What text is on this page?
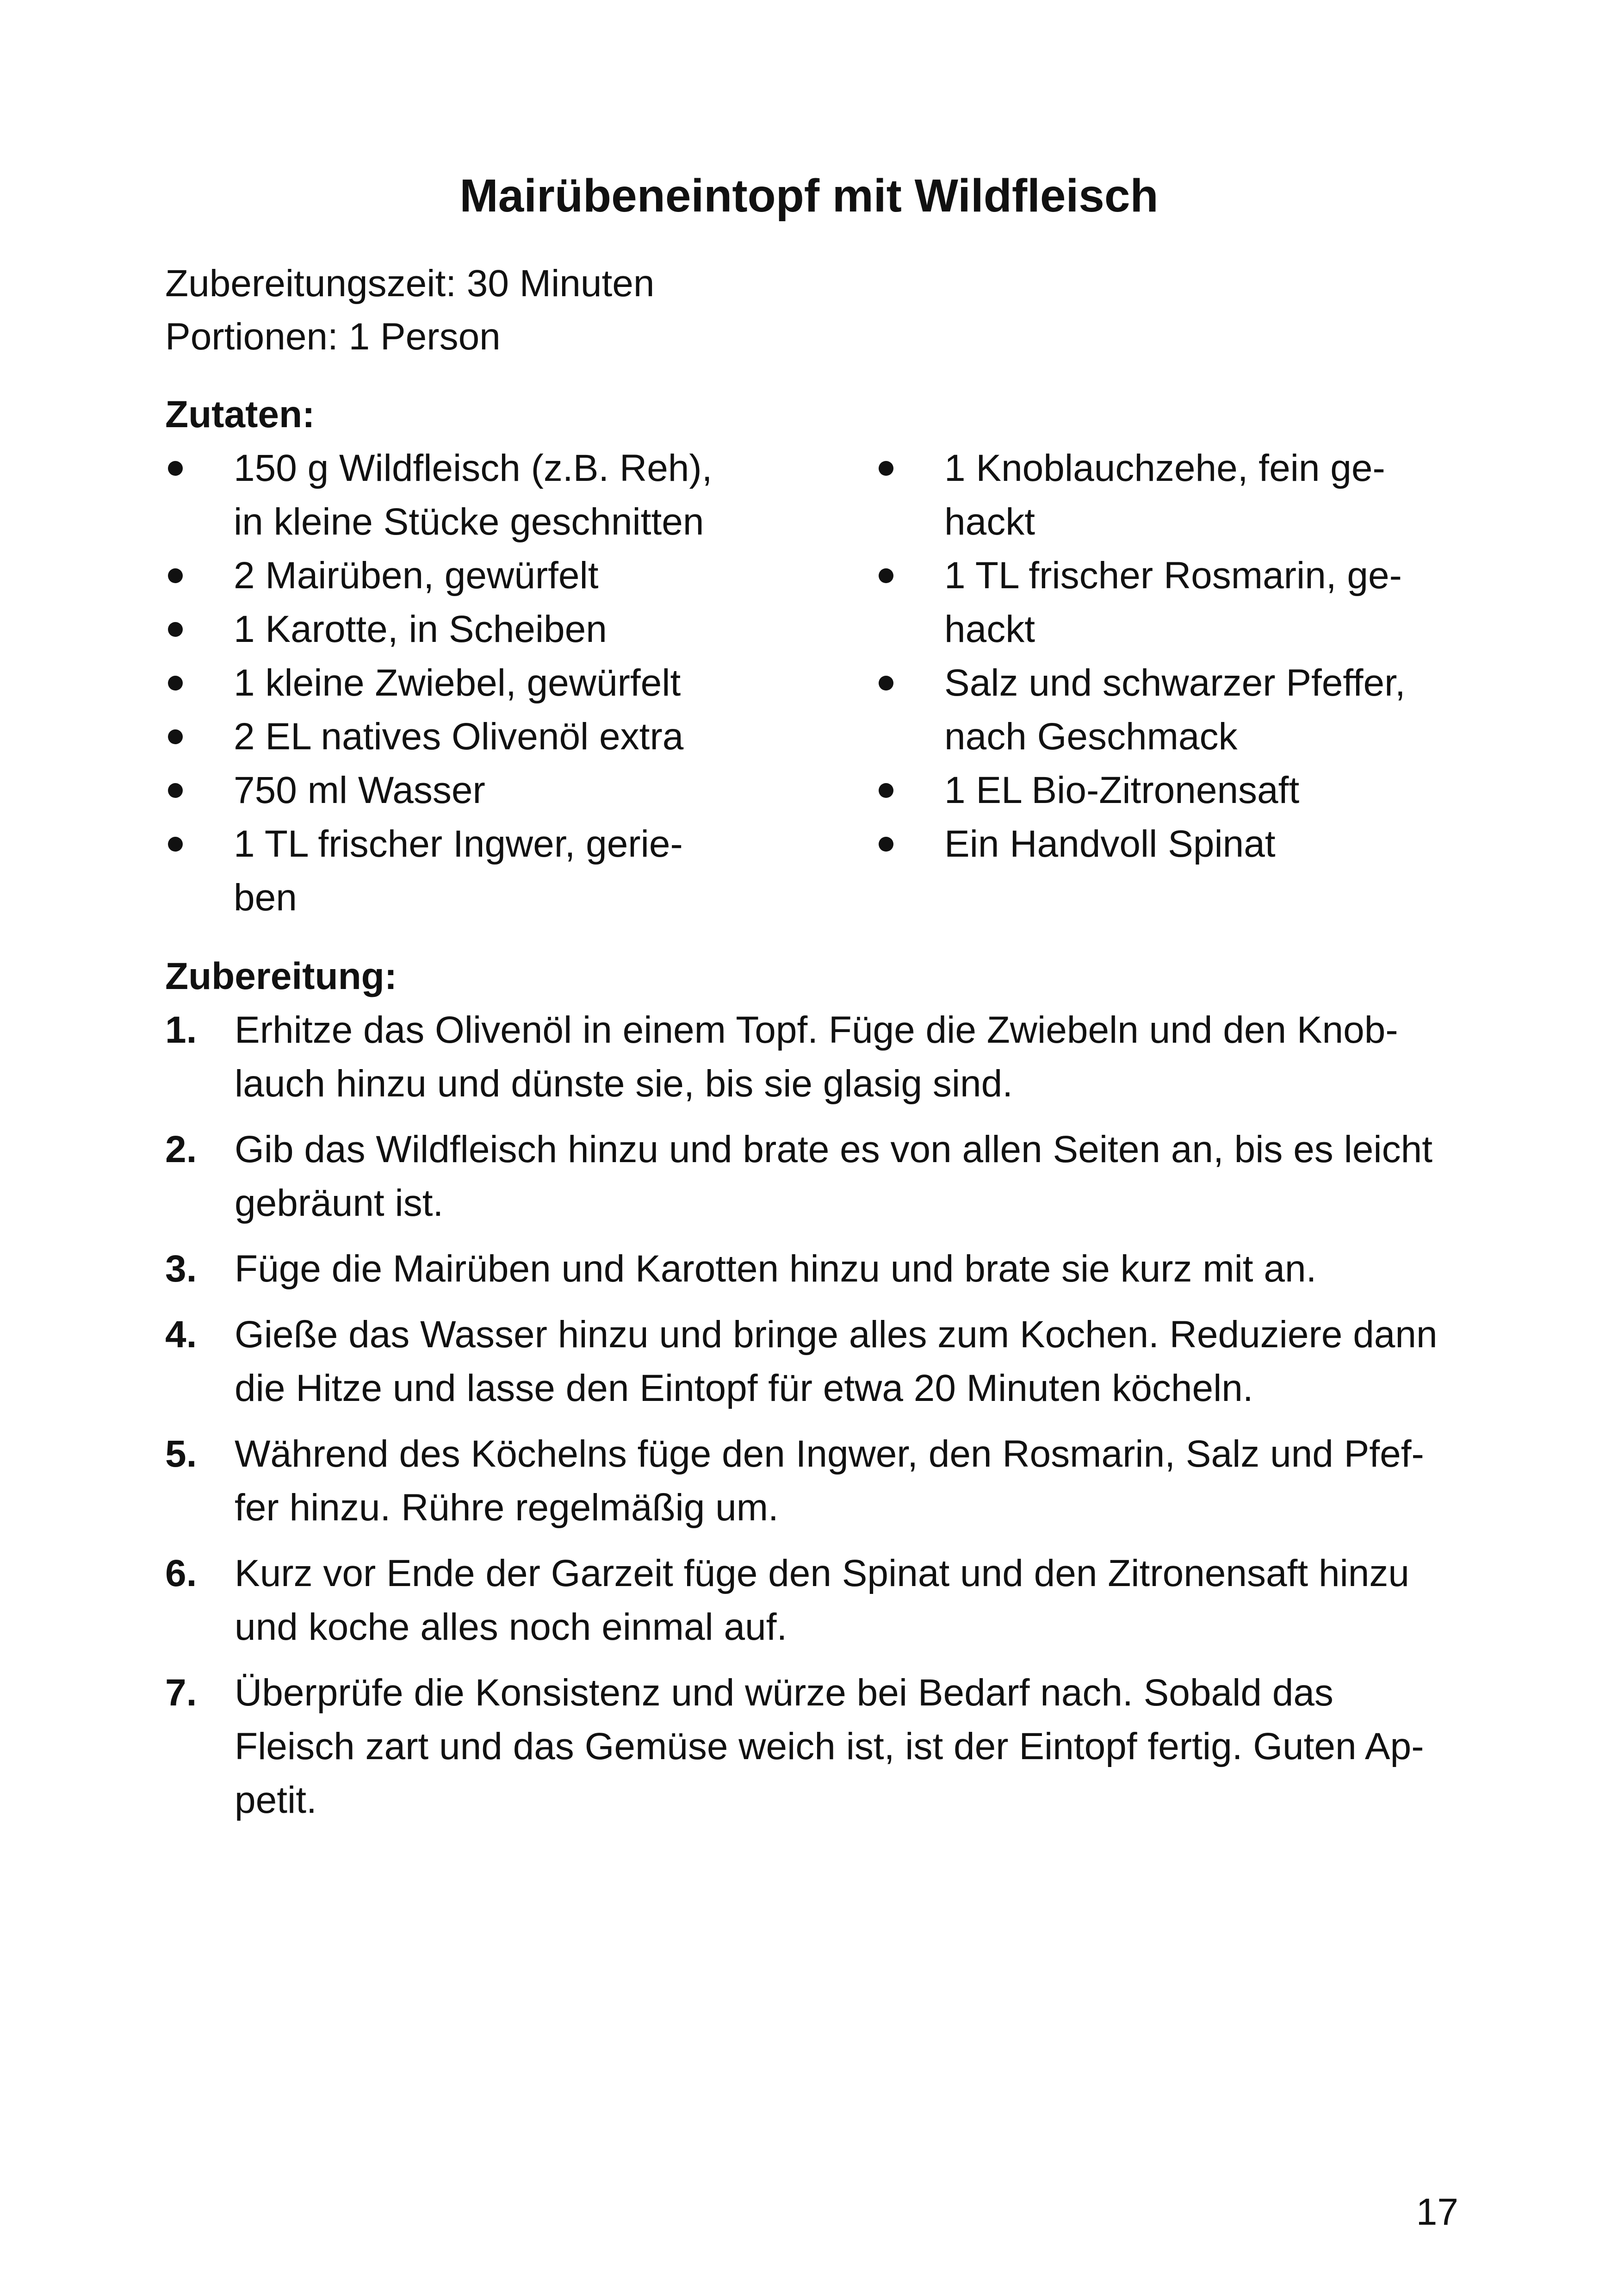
Mairübeneintopf mit Wildfleisch

Zubereitungszeit: 30 Minuten

Portionen: 1 Person

Zutaten:

150 g Wildfleisch (z.B. Reh),
in kleine Stücke geschnitten
2 Mairüben, gewürfelt
1 Karotte, in Scheiben
1 kleine Zwiebel, gewürfelt
2 EL natives Olivenöl extra
750 ml Wasser
1 TL frischer Ingwer, gerie-
ben
1 Knoblauchzehe, fein ge-
hackt
1 TL frischer Rosmarin, ge-
hackt
Salz und schwarzer Pfeffer,
nach Geschmack
1 EL Bio-Zitronensaft
Ein Handvoll Spinat

Zubereitung:

1. Erhitze das Olivenöl in einem Topf. Füge die Zwiebeln und den Knob-
lauch hinzu und dünste sie, bis sie glasig sind.
2. Gib das Wildfleisch hinzu und brate es von allen Seiten an, bis es leicht
gebräunt ist.
3. Füge die Mairüben und Karotten hinzu und brate sie kurz mit an.
4. Gieße das Wasser hinzu und bringe alles zum Kochen. Reduziere dann
die Hitze und lasse den Eintopf für etwa 20 Minuten köcheln.
5. Während des Köchelns füge den Ingwer, den Rosmarin, Salz und Pfef-
fer hinzu. Rühre regelmäßig um.
6. Kurz vor Ende der Garzeit füge den Spinat und den Zitronensaft hinzu
und koche alles noch einmal auf.
7. Überprüfe die Konsistenz und würze bei Bedarf nach. Sobald das
Fleisch zart und das Gemüse weich ist, ist der Eintopf fertig. Guten Ap-
petit.

17
